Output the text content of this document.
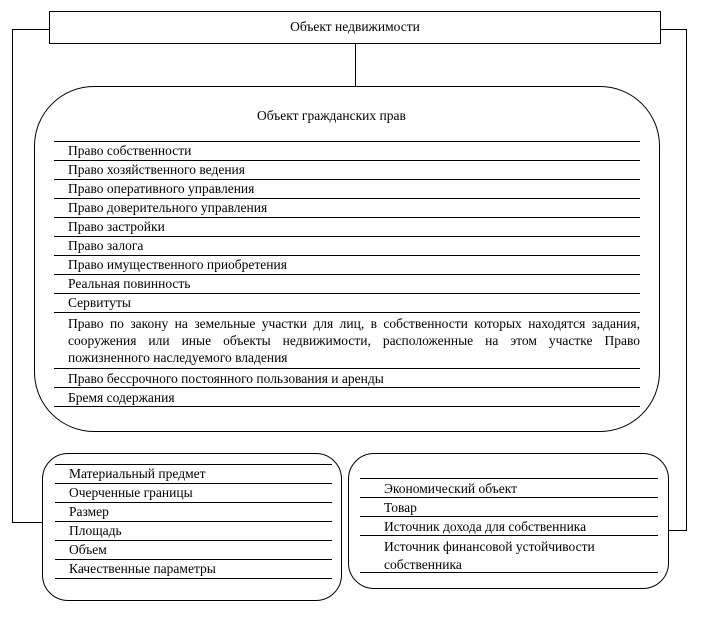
Объект недвижимости
Объект гражданских прав
Право собственности
Право хозяйственного ведения
Право оперативного управления
Право доверительного управления
Право застройки
Право залога
Право имущественного приобретения
Реальная повинность
Сервитуты
Право по закону на земельные участки для лиц, в собственности которых находятся задания, сооружения или иные объекты недвижимости, расположенные на этом участке Право пожизненного наследуемого владения
Право бессрочного постоянного пользования и аренды
Бремя содержания
Материальный предмет
Очерченные границы
Размер
Площадь
Объем
Качественные параметры
Экономический объект
Товар
Источник дохода для собственника
Источник финансовой устойчивости собственника
